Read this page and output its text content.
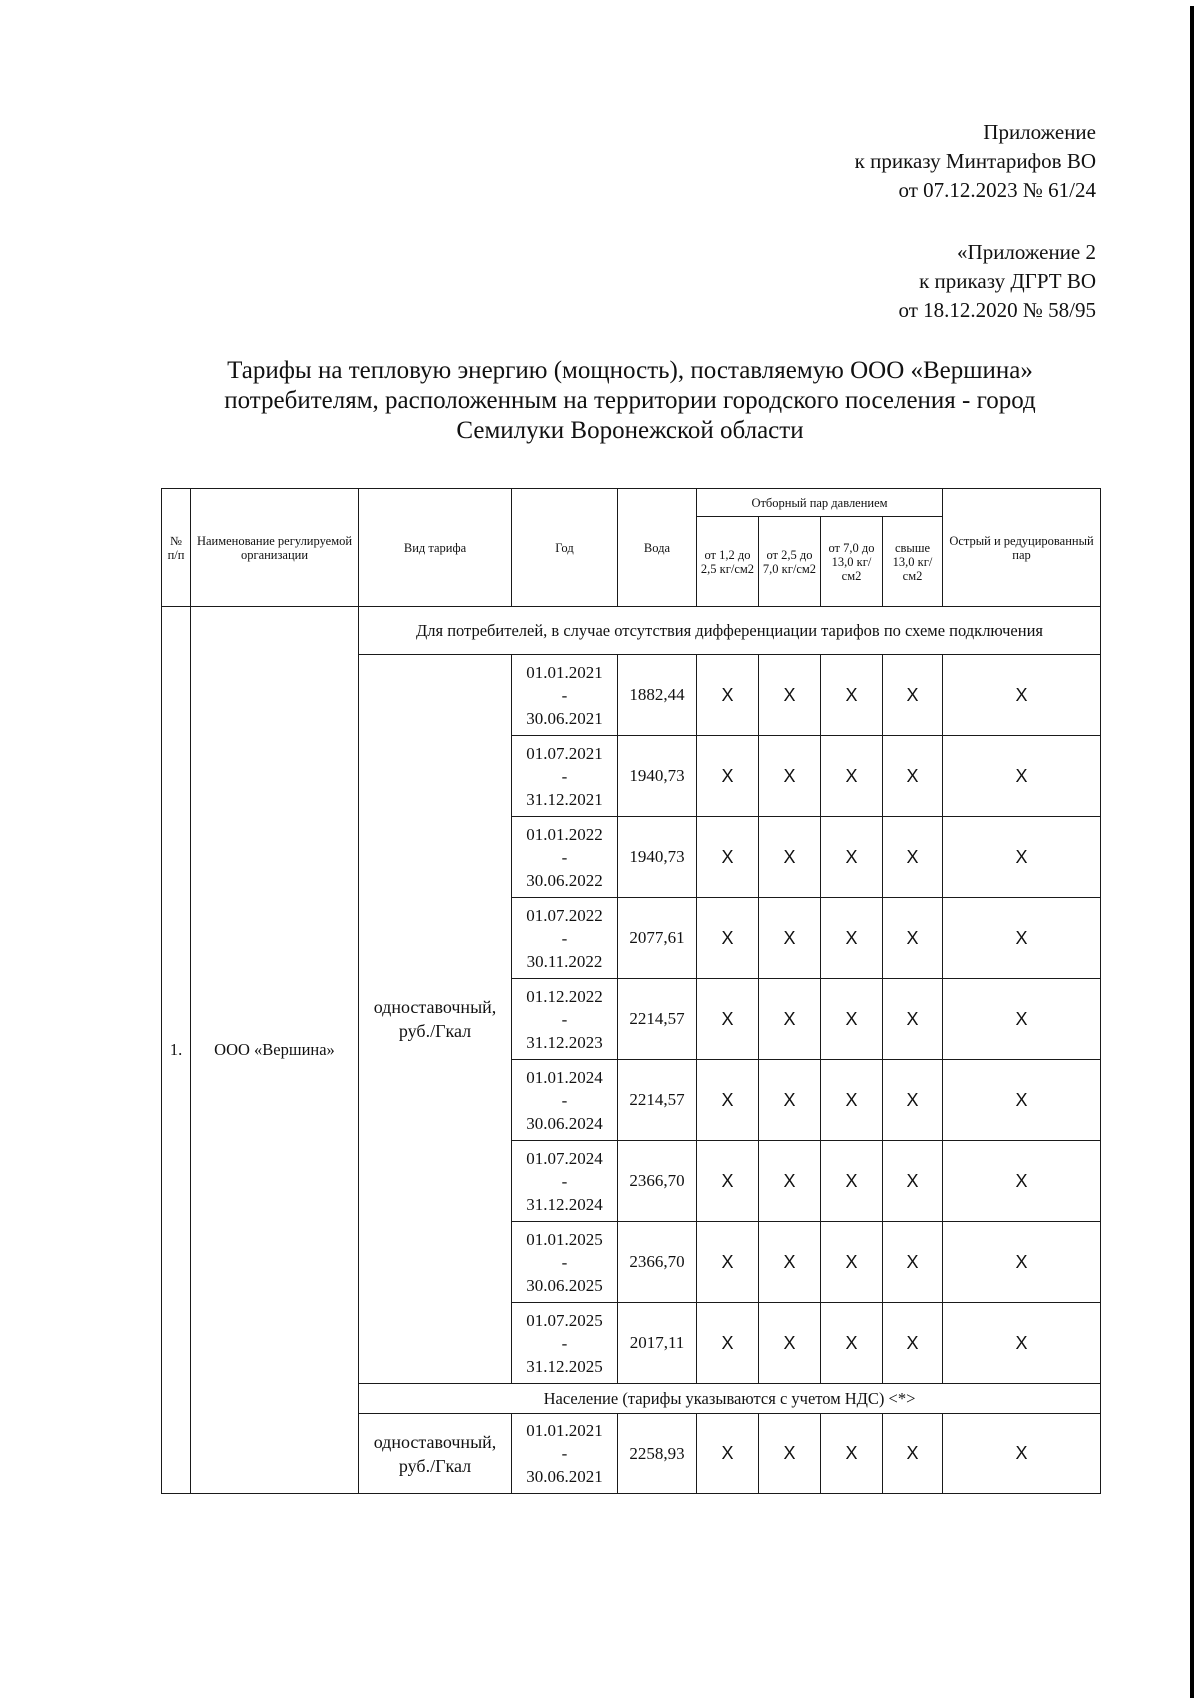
Приложение
к приказу Минтарифов ВО
от 07.12.2023 № 61/24
«Приложение 2
к приказу ДГРТ ВО
от 18.12.2020 № 58/95
Тарифы на тепловую энергию (мощность), поставляемую ООО «Вершина»
потребителям, расположенным на территории городского поселения - город
Семилуки Воронежской области
№ п/п	Наименование регулируемой организации	Вид тарифа	Год	Вода	Отборный пар давлением				Острый и редуцированный пар
					от 1,2 до 2,5 кг/см2	от 2,5 до 7,0 кг/см2	от 7,0 до 13,0 кг/см2	свыше 13,0 кг/см2	
1.	ООО «Вершина»	Для потребителей, в случае отсутствия дифференциации тарифов по схеме подключения							
		одноставочный, руб./Гкал	01.01.2021
-
30.06.2021	1882,44	X	X	X	X	X

			01.07.2021
-
31.12.2021	1940,73	X	X	X	X	X

			01.01.2022
-
30.06.2022	1940,73	X	X	X	X	X

			01.07.2022
-
30.11.2022	2077,61	X	X	X	X	X

			01.12.2022
-
31.12.2023	2214,57	X	X	X	X	X

			01.01.2024
-
30.06.2024	2214,57	X	X	X	X	X

			01.07.2024
-
31.12.2024	2366,70	X	X	X	X	X

			01.01.2025
-
30.06.2025	2366,70	X	X	X	X	X

			01.07.2025
-
31.12.2025	2017,11	X	X	X	X	X
		Население (тарифы указываются с учетом НДС) <*>							
		одноставочный, руб./Гкал	01.01.2021
-
30.06.2021	2258,93	X	X	X	X	X
